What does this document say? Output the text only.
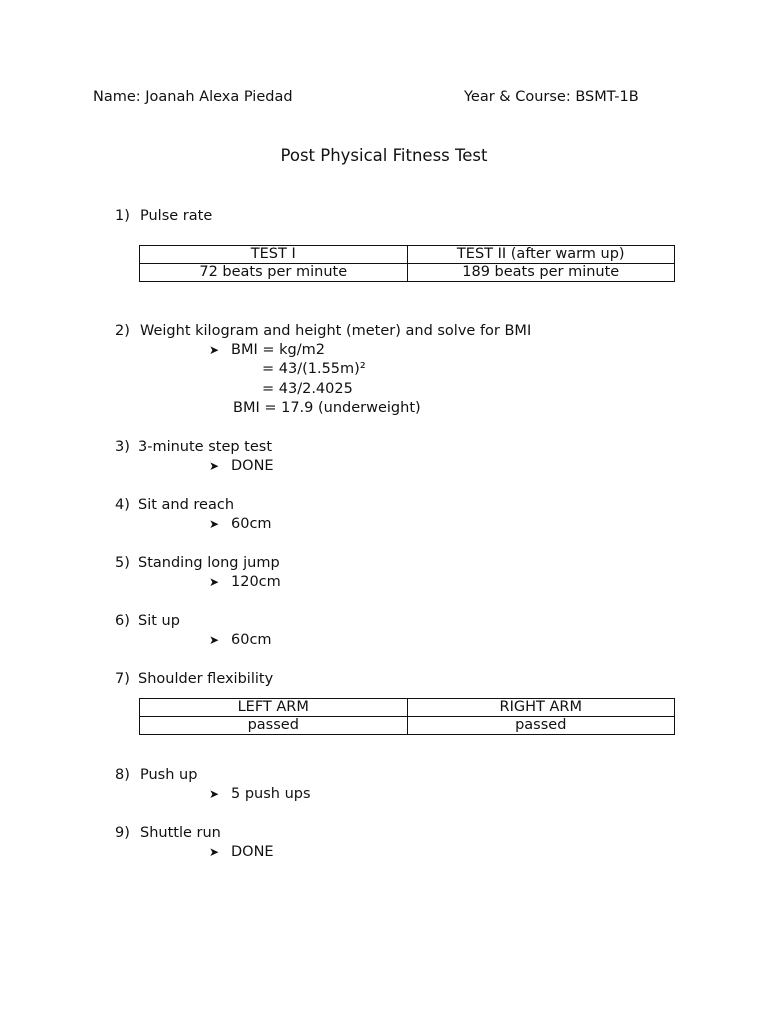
Name: Joanah Alexa Piedad	Year & Course: BSMT-1B
Post Physical Fitness Test
1) Pulse rate
TEST I	TEST II (after warm up)
72 beats per minute	189 beats per minute
2) Weight kilogram and height (meter) and solve for BMI
➤ BMI = kg/m2
= 43/(1.55m)²
= 43/2.4025
BMI = 17.9 (underweight)
3) 3-minute step test
➤ DONE
4) Sit and reach
➤ 60cm
5) Standing long jump
➤ 120cm
6) Sit up
➤ 60cm
7) Shoulder flexibility
LEFT ARM	RIGHT ARM
passed	passed
8) Push up
➤ 5 push ups
9) Shuttle run
➤ DONE
